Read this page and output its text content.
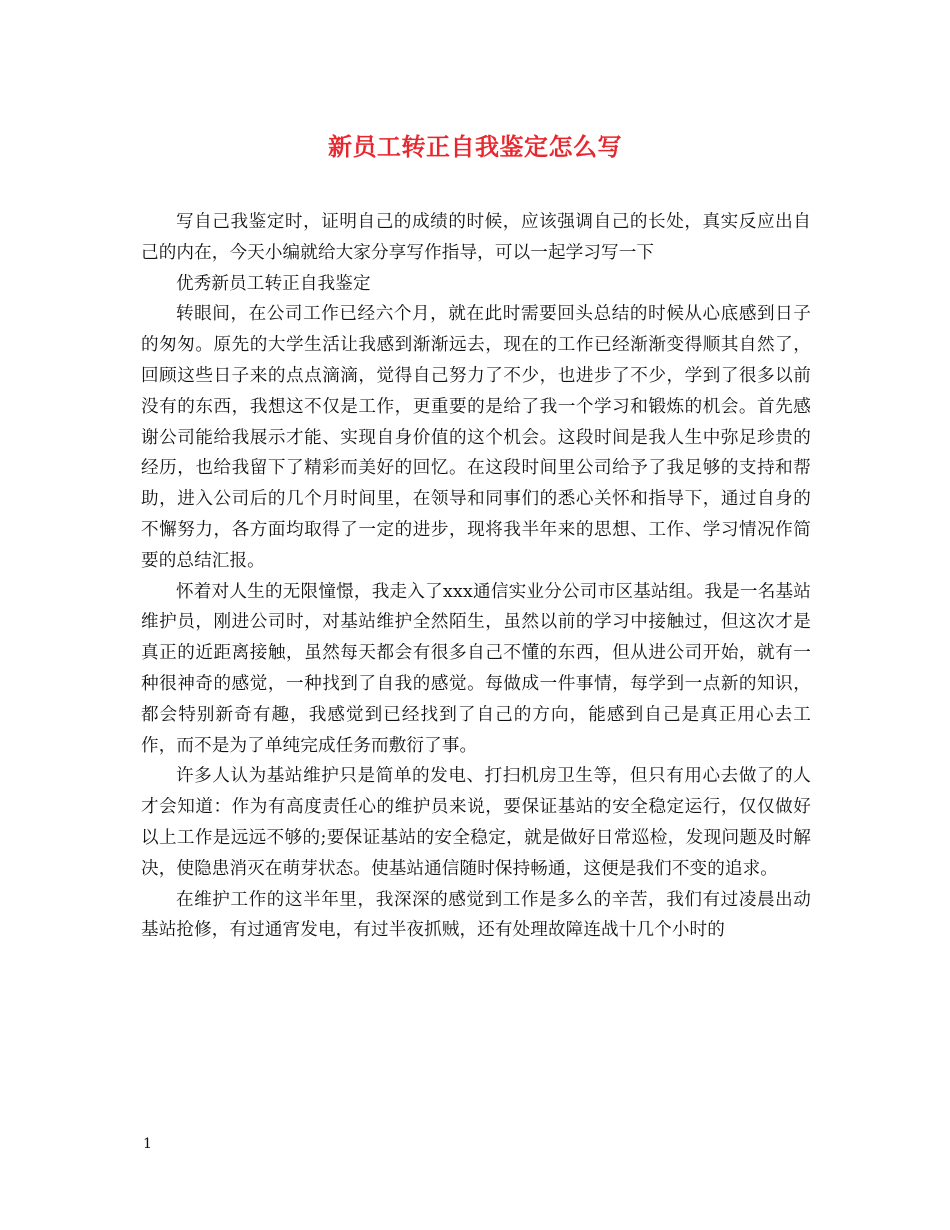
新员工转正自我鉴定怎么写

写自己我鉴定时，证明自己的成绩的时候，应该强调自己的长处，真实反应出自己的内在，今天小编就给大家分享写作指导，可以一起学习写一下

优秀新员工转正自我鉴定

转眼间，在公司工作已经六个月，就在此时需要回头总结的时候从心底感到日子的匆匆。原先的大学生活让我感到渐渐远去，现在的工作已经渐渐变得顺其自然了，回顾这些日子来的点点滴滴，觉得自己努力了不少，也进步了不少，学到了很多以前没有的东西，我想这不仅是工作，更重要的是给了我一个学习和锻炼的机会。首先感谢公司能给我展示才能、实现自身价值的这个机会。这段时间是我人生中弥足珍贵的经历，也给我留下了精彩而美好的回忆。在这段时间里公司给予了我足够的支持和帮助，进入公司后的几个月时间里，在领导和同事们的悉心关怀和指导下，通过自身的不懈努力，各方面均取得了一定的进步，现将我半年来的思想、工作、学习情况作简要的总结汇报。

怀着对人生的无限憧憬，我走入了xxx通信实业分公司市区基站组。我是一名基站维护员，刚进公司时，对基站维护全然陌生，虽然以前的学习中接触过，但这次才是真正的近距离接触，虽然每天都会有很多自己不懂的东西，但从进公司开始，就有一种很神奇的感觉，一种找到了自我的感觉。每做成一件事情，每学到一点新的知识，都会特别新奇有趣，我感觉到已经找到了自己的方向，能感到自己是真正用心去工作，而不是为了单纯完成任务而敷衍了事。

许多人认为基站维护只是简单的发电、打扫机房卫生等，但只有用心去做了的人才会知道：作为有高度责任心的维护员来说，要保证基站的安全稳定运行，仅仅做好以上工作是远远不够的;要保证基站的安全稳定，就是做好日常巡检，发现问题及时解决，使隐患消灭在萌芽状态。使基站通信随时保持畅通，这便是我们不变的追求。

在维护工作的这半年里，我深深的感觉到工作是多么的辛苦，我们有过凌晨出动基站抢修，有过通宵发电，有过半夜抓贼，还有处理故障连战十几个小时的

1
